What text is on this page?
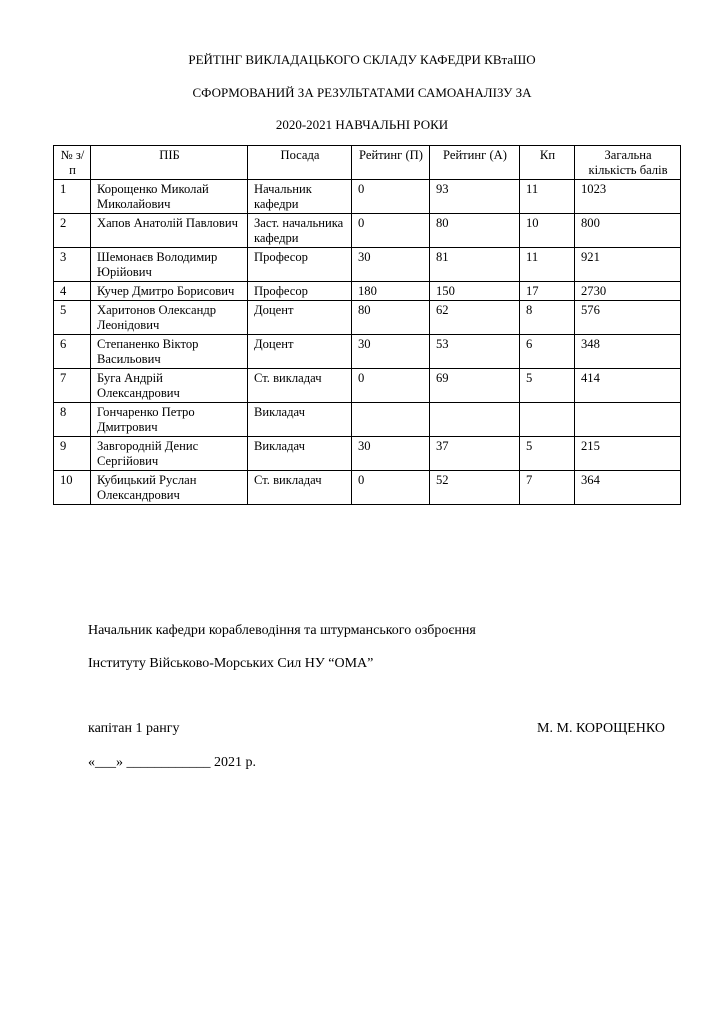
РЕЙТІНГ ВИКЛАДАЦЬКОГО СКЛАДУ КАФЕДРИ КВтаШО
СФОРМОВАНИЙ ЗА РЕЗУЛЬТАТАМИ САМОАНАЛІЗУ ЗА
2020-2021 НАВЧАЛЬНІ РОКИ
№ з/п	ПІБ	Посада	Рейтинг (П)	Рейтинг (А)	Кп	Загальна кількість балів
1	Корощенко Миколай Миколайович	Начальник кафедри	0	93	11	1023
2	Хапов Анатолій Павлович	Заст. начальника кафедри	0	80	10	800
3	Шемонаєв Володимир Юрійович	Професор	30	81	11	921
4	Кучер Дмитро Борисович	Професор	180	150	17	2730
5	Харитонов Олександр Леонідович	Доцент	80	62	8	576
6	Степаненко Віктор Васильович	Доцент	30	53	6	348
7	Буга Андрій Олександрович	Ст. викладач	0	69	5	414
8	Гончаренко Петро Дмитрович	Викладач				
9	Завгородній Денис Сергійович	Викладач	30	37	5	215
10	Кубицький Руслан Олександрович	Ст. викладач	0	52	7	364
Начальник кафедри кораблеводіння та штурманського озброєння
Інституту Військово-Морських Сил НУ “ОМА”
капітан 1 рангу	М. М. КОРОЩЕНКО
«___» ____________ 2021 р.
